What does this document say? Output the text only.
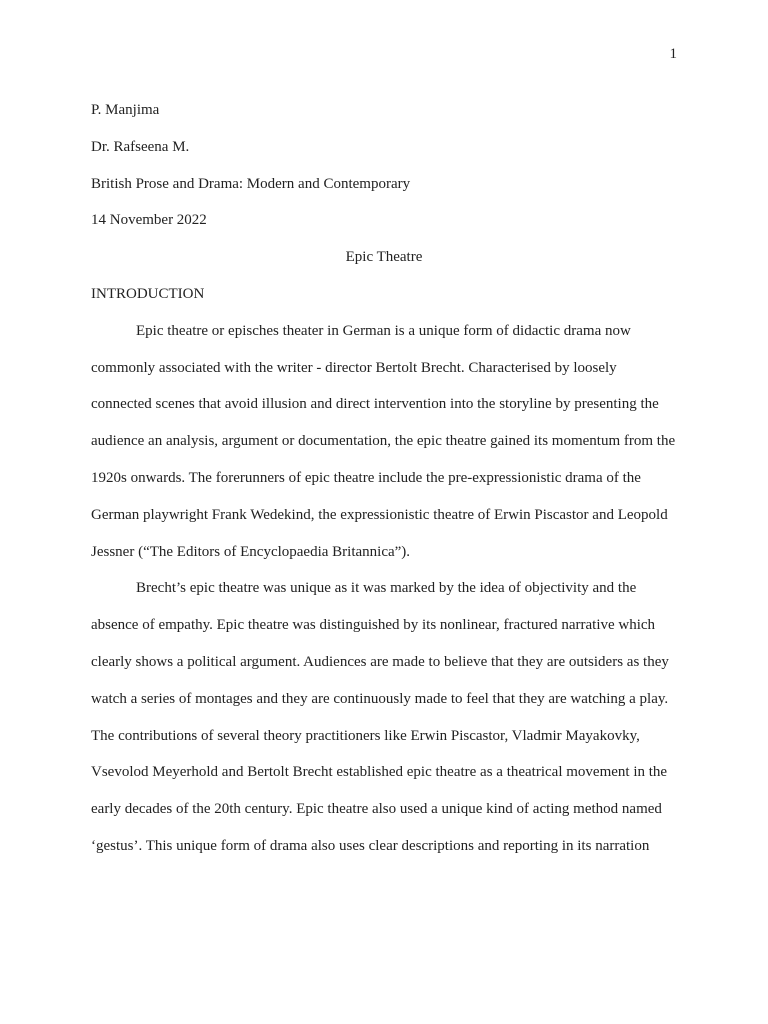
1

P. Manjima

Dr. Rafseena M.

British Prose and Drama: Modern and Contemporary

14 November 2022

Epic Theatre

INTRODUCTION

Epic theatre or episches theater in German is a unique form of didactic drama now

commonly associated with the writer - director Bertolt Brecht. Characterised by loosely

connected scenes that avoid illusion and direct intervention into the storyline by presenting the

audience an analysis, argument or documentation, the epic theatre gained its momentum from the

1920s onwards. The forerunners of epic theatre include the pre-expressionistic drama of the

German playwright Frank Wedekind, the expressionistic theatre of Erwin Piscastor and Leopold

Jessner (“The Editors of Encyclopaedia Britannica”).

Brecht’s epic theatre was unique as it was marked by the idea of objectivity and the

absence of empathy. Epic theatre was distinguished by its nonlinear, fractured narrative which

clearly shows a political argument. Audiences are made to believe that they are outsiders as they

watch a series of montages and they are continuously made to feel that they are watching a play.

The contributions of several theory practitioners like Erwin Piscastor, Vladmir Mayakovky,

Vsevolod Meyerhold and Bertolt Brecht established epic theatre as a theatrical movement in the

early decades of the 20th century. Epic theatre also used a unique kind of acting method named

‘gestus’. This unique form of drama also uses clear descriptions and reporting in its narration
